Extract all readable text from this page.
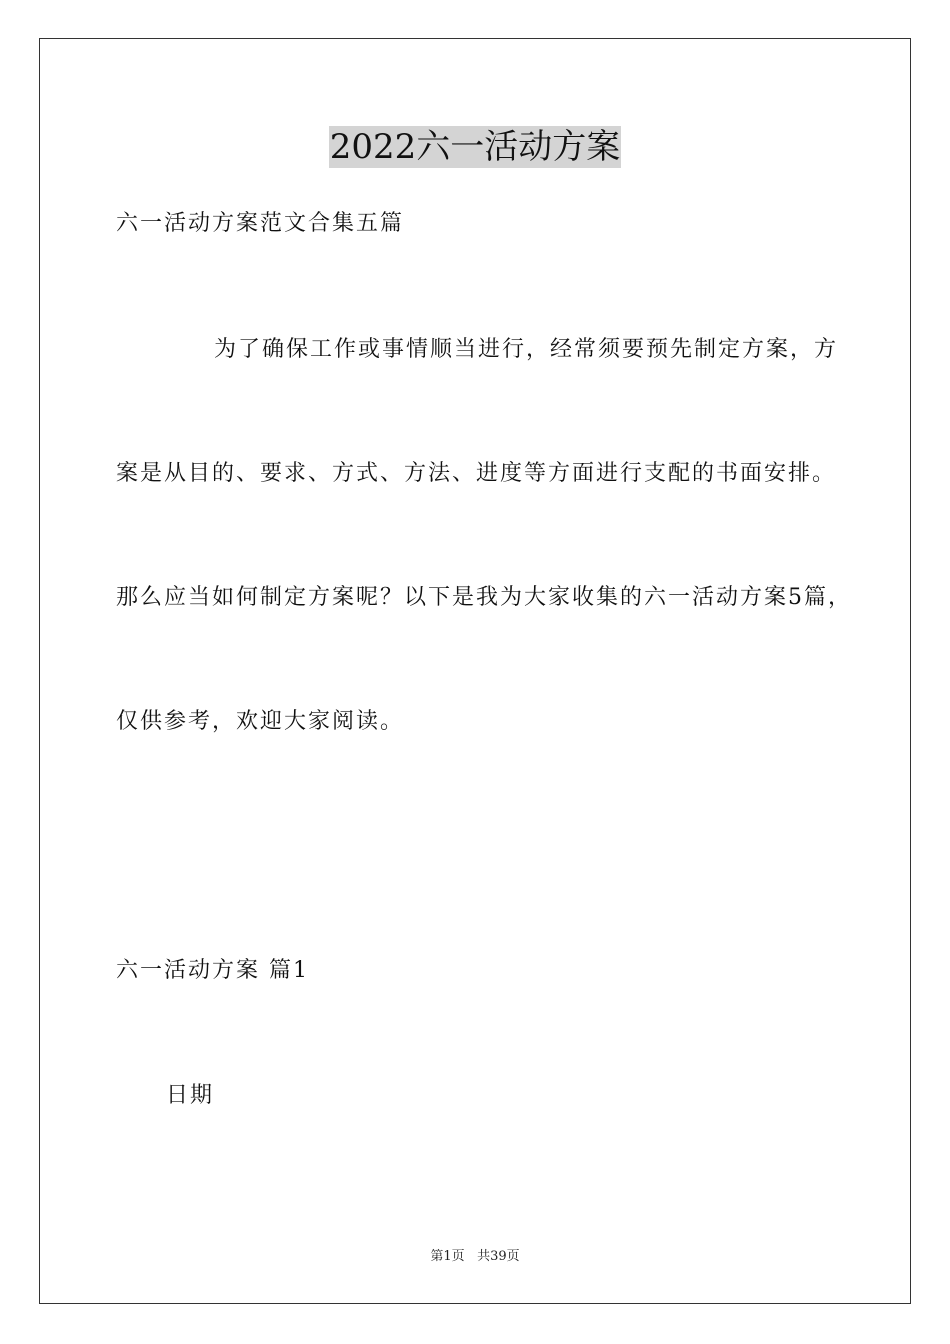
2022六一活动方案
六一活动方案范文合集五篇
为了确保工作或事情顺当进行，经常须要预先制定方案，方
案是从目的、要求、方式、方法、进度等方面进行支配的书面安排。
那么应当如何制定方案呢？以下是我为大家收集的六一活动方案5篇，
仅供参考，欢迎大家阅读。
六一活动方案 篇1
日期
第1页 共39页
